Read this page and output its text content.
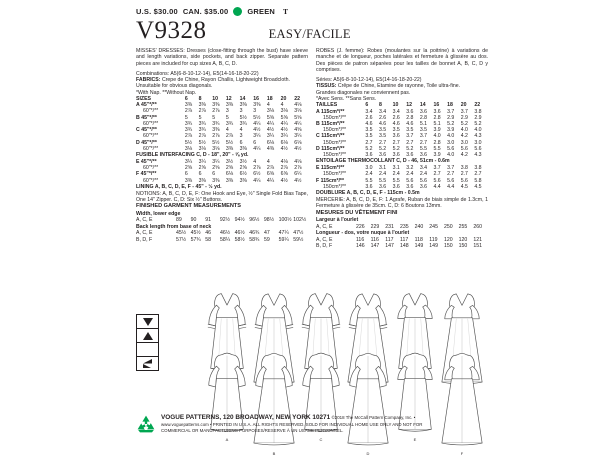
U.S. $30.00 CAN. $35.00	GREEN T
V9328	EASY/FACILE

MISSES' DRESSES: Dresses (close-fitting through the bust) have sleeve and length variations, side pockets, and back zipper. Separate pattern pieces are included for cup sizes A, B, C, D.

Combinations: A5(6-8-10-12-14), E5(14-16-18-20-22)

FABRICS: Crepe de Chine, Rayon Challis, Lightweight Broadcloth.

Unsuitable for obvious diagonals.

*With Nap. **Without Nap.

SIZES	6	8	10	12	14	16	18	20	22
A 45"*/**	3⅜	3⅜	3⅜	3⅜	3⅜	3⅜	4	4	4⅛
60"*/**	2⅞	2⅞	2⅞	3	3	3	3⅛	3⅛	3⅛
B 45"*/**	5	5	5	5	5½	5½	5⅝	5⅝	5⅝
60"*/**	3¾	3¾	3¾	3¾	3¾	4¼	4¼	4¼	4¼
C 45"*/**	3¾	3¾	3⅜	4	4	4½	4½	4½	4⅝
60"*/**	2⅞	2⅞	2⅞	2⅞	3	3¼	3¼	3¼	3¼
D 45"*/**	5½	5½	5½	5½	6	6	6⅛	6⅛	6⅛
60"*/**	3⅛	3⅛	3⅛	3⅜	3⅜	4¼	4⅜	4½	4½

FUSIBLE INTERFACING C, D - 18", 20" - ⅝ yd.

E 45"*/**	3¼	3¼	3¼	3½	3½	4	4	4⅛	4⅛
60"*/**	2⅝	2⅝	2⅝	2⅝	2⅝	2⅞	2⅞	2⅞	2⅞
F 45"*/**	6	6	6	6⅛	6½	6½	6⅝	6⅝	6¼
60"*/**	3⅜	3⅜	3⅜	3⅜	3⅜	4¼	4¼	4½	4½

LINING A, B, C, D, E, F - 45" - ½ yd.

NOTIONS: A, B, C, D, E, F: One Hook and Eye, ½" Single Fold Bias Tape, One 14" Zipper. C, D: Six ½" Buttons.

FINISHED GARMENT MEASUREMENTS

Width, lower edge

A, C, E	89	90	91	92½	94½	96½	98½	100½	102½

Back length from base of neck

A, C, E	45½	45½	46	46½	46½	46¾	47	47¼	47½
B, D, F	57½	57¾	58	58¼	58½	58¾	59	59¼	59½

ROBES (J. femme): Robes (moulantes sur la poitrine) à variations de manche et de longueur, poches latérales et fermeture à glissère au dos. Des pièces de patron séparées pour les tailles de bonnet A, B, C, D y comprises.

Séries: A5(6-8-10-12-14), E5(14-16-18-20-22)

TISSUS: Crêpe de Chine, Etamine de rayonne, Toile ultra-fine.

Grandes diagonales ne conviennent pas.

*Avec Sens. **Sans Sens.

TAILLES	6	8	10	12	14	16	18	20	22
A 115cm*/**	3.4	3.4	3.4	3.6	3.6	3.6	3.7	3.7	3.8
150cm*/**	2.6	2.6	2.6	2.8	2.8	2.8	2.9	2.9	2.9
B 115cm*/**	4.6	4.6	4.6	4.6	5.1	5.1	5.2	5.2	5.2
150cm*/**	3.5	3.5	3.5	3.5	3.5	3.9	3.9	4.0	4.0
C 115cm*/**	3.5	3.5	3.6	3.7	3.7	4.0	4.0	4.2	4.3
150cm*/**	2.7	2.7	2.7	2.7	2.7	2.8	3.0	3.0	3.0
D 115cm*/**	5.2	5.2	5.2	5.2	5.5	5.5	5.6	5.6	5.6
150cm*/**	3.6	3.6	3.6	3.6	3.6	3.9	4.0	4.2	4.3

ENTOILAGE THERMOCOLLANT C, D - 46, 51cm - 0.6m

E 115cm*/**	3.0	3.1	3.1	3.2	3.4	3.7	3.7	3.8	3.8
150cm*/**	2.4	2.4	2.4	2.4	2.4	2.7	2.7	2.7	2.7
F 115cm*/**	5.5	5.5	5.5	5.6	5.6	5.6	5.6	5.6	5.8
150cm*/**	3.6	3.6	3.6	3.6	3.6	4.4	4.4	4.5	4.5

DOUBLURE A, B, C, D, E, F - 115cm - 0.5m

MERCERIE: A, B, C, D, E, F: 1 Agrafe, Ruban de biais simple de 1.3cm, 1 Fermeture à glissère de 35cm. C, D: 6 Boutons 13mm.

MESURES DU VÊTEMENT FINI

Largeur à l'ourlet

A, C, E	226	229	231	235	240	245	250	255	260

Longueur - dos, votre nuque à l'ourlet

A, C, E	116	116	117	117	118	119	120	120	121
B, D, F	146	147	147	148	149	149	150	150	151
A
B
C
D
E
F
VOGUE PATTERNS, 120 BROADWAY, NEW YORK 10271 ©2018 The McCall Pattern Company, Inc. •
www.voguepatterns.com • PRINTED IN U.S.A. ALL RIGHTS RESERVED. SOLD FOR INDIVIDUAL HOME USE ONLY AND NOT FOR
COMMERCIAL OR MANUFACTURING PURPOSES/RESERVE À UN USAGE PERSONNEL.
